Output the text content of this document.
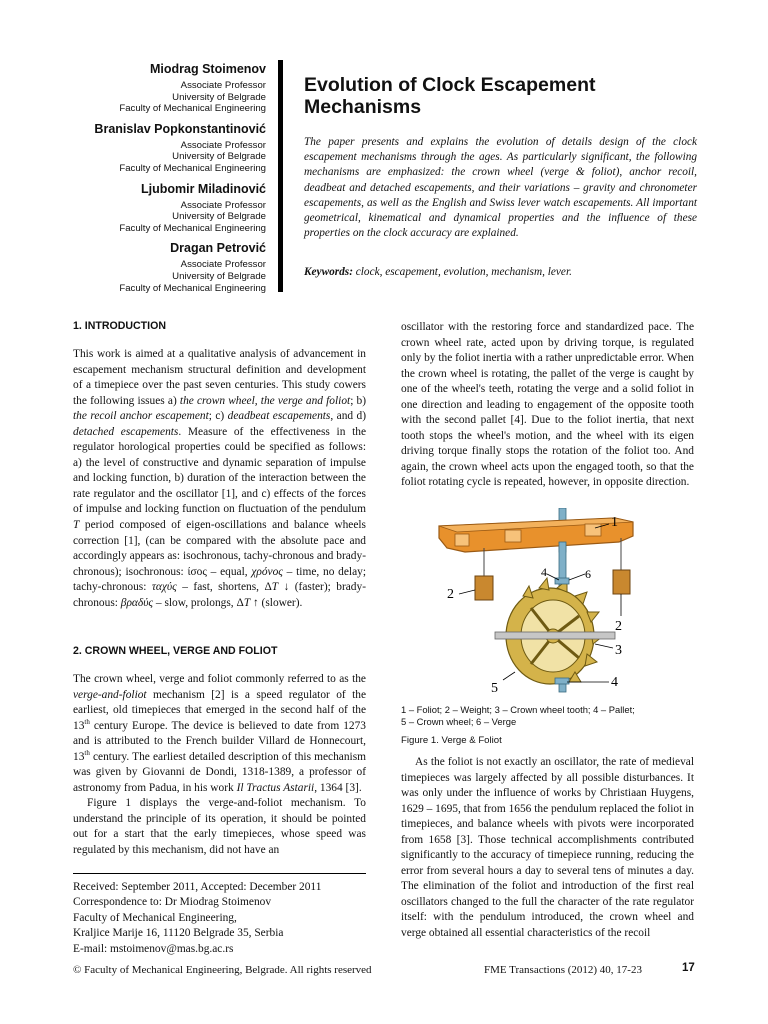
Miodrag Stoimenov
Associate Professor
University of Belgrade
Faculty of Mechanical Engineering
Branislav Popkonstantinović
Associate Professor
University of Belgrade
Faculty of Mechanical Engineering
Ljubomir Miladinović
Associate Professor
University of Belgrade
Faculty of Mechanical Engineering
Dragan Petrović
Associate Professor
University of Belgrade
Faculty of Mechanical Engineering
Evolution of Clock Escapement
Mechanisms

The paper presents and explains the evolution of details design of the clock escapement mechanisms through the ages. As particularly significant, the following mechanisms are emphasized: the crown wheel (verge & foliot), anchor recoil, deadbeat and detached escapements, and their variations – gravity and chronometer escapements, as well as the English and Swiss lever watch escapements. All important geometrical, kinematical and dynamical properties and the influence of these properties on the clock accuracy are explained.

Keywords: clock, escapement, evolution, mechanism, lever.

1. INTRODUCTION

This work is aimed at a qualitative analysis of advancement in escapement mechanism structural definition and development of a timepiece over the past seven centuries. This study cowers the following issues a) the crown wheel, the verge and foliot; b) the recoil anchor escapement; c) deadbeat escapements, and d) detached escapements. Measure of the effectiveness in the regulator horological properties could be specified as follows: a) the level of constructive and dynamic separation of impulse and locking function, b) duration of the interaction between the rate regulator and the oscillator [1], and c) effects of the forces of impulse and locking function on fluctuation of the pendulum T period composed of eigen-oscillations and balance wheels correction [1], (can be compared with the absolute pace and accordingly appears as: isochronous, tachy-chronous and brady-chronous); isochronous: ίσος – equal, χρόνος – time, no delay; tachy-chronous: ταχύς – fast, shortens, ΔT ↓ (faster); brady-chronous: βραδύς – slow, prolongs, ΔT ↑ (slower).

2. CROWN WHEEL, VERGE AND FOLIOT

The crown wheel, verge and foliot commonly referred to as the verge-and-foliot mechanism [2] is a speed regulator of the earliest, old timepieces that emerged in the second half of the 13th century Europe. The device is believed to date from 1273 and is attributed to the French builder Villard de Honnecourt, 13th century. The earliest detailed description of this mechanism was given by Giovanni de Dondi, 1318-1389, a professor of astronomy from Padua, in his work Il Tractus Astarii, 1364 [3].

Figure 1 displays the verge-and-foliot mechanism. To understand the principle of its operation, it should be pointed out for a start that the early timepieces, whose speed was regulated by this mechanism, did not have an

Received: September 2011, Accepted: December 2011
Correspondence to: Dr Miodrag Stoimenov
Faculty of Mechanical Engineering,
Kraljice Marije 16, 11120 Belgrade 35, Serbia
E-mail: mstoimenov@mas.bg.ac.rs

oscillator with the restoring force and standardized pace. The crown wheel rate, acted upon by driving torque, is regulated only by the foliot inertia with a rather unpredictable error. When the crown wheel is rotating, the pallet of the verge is caught by one of the wheel's teeth, rotating the verge and a solid foliot in one direction and leading to engagement of the opposite tooth with the second pallet [4]. Due to the foliot inertia, that next tooth stops the wheel's motion, and the wheel with its eigen driving torque finally stops the rotation of the foliot too. And again, the crown wheel acts upon the engaged tooth, so that the foliot rotating cycle is repeated, however, in opposite direction.

1
2
2
3
4
4
5
6
1 – Foliot; 2 – Weight; 3 – Crown wheel tooth; 4 – Pallet;
5 – Crown wheel; 6 – Verge
Figure 1. Verge & Foliot

As the foliot is not exactly an oscillator, the rate of medieval timepieces was largely affected by all possible disturbances. It was only under the influence of works by Christiaan Huygens, 1629 – 1695, that from 1656 the pendulum replaced the foliot in timepieces, and balance wheels with pivots were incorporated from 1658 [3]. Those technical accomplishments contributed significantly to the accuracy of timepiece running, reducing the error from several hours a day to several tens of minutes a day. The elimination of the foliot and introduction of the first real oscillators changed to the full the character of the rate regulator itself: with the pendulum introduced, the crown wheel and verge obtained all essential characteristics of the recoil

© Faculty of Mechanical Engineering, Belgrade. All rights reserved	FME Transactions (2012) 40, 17-23	17
